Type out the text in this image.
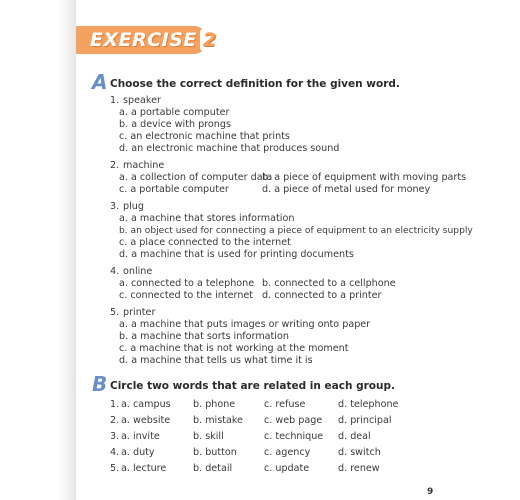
EXERCISE 2
A Choose the correct definition for the given word.
1. speaker
a. a portable computer
b. a device with prongs
c. an electronic machine that prints
d. an electronic machine that produces sound
2. machine
a. a collection of computer data
b. a piece of equipment with moving parts
c. a portable computer	d. a piece of metal used for money
3. plug
a. a machine that stores information
b. an object used for connecting a piece of equipment to an electricity supply
c. a place connected to the internet
d. a machine that is used for printing documents
4. online
a. connected to a telephone b. connected to a cellphone
c. connected to the internet d. connected to a printer
5. printer
a. a machine that puts images or writing onto paper
b. a machine that sorts information
c. a machine that is not working at the moment
d. a machine that tells us what time it is
B Circle two words that are related in each group.
1. a. campus b. phone	c. refuse	d. telephone
2. a. website b. mistake c. web page d. principal
3. a. invite	b. skill	c. technique d. deal
4. a. duty	b. button	c. agency	d. switch
5. a. lecture	b. detail	c. update	d. renew
9
